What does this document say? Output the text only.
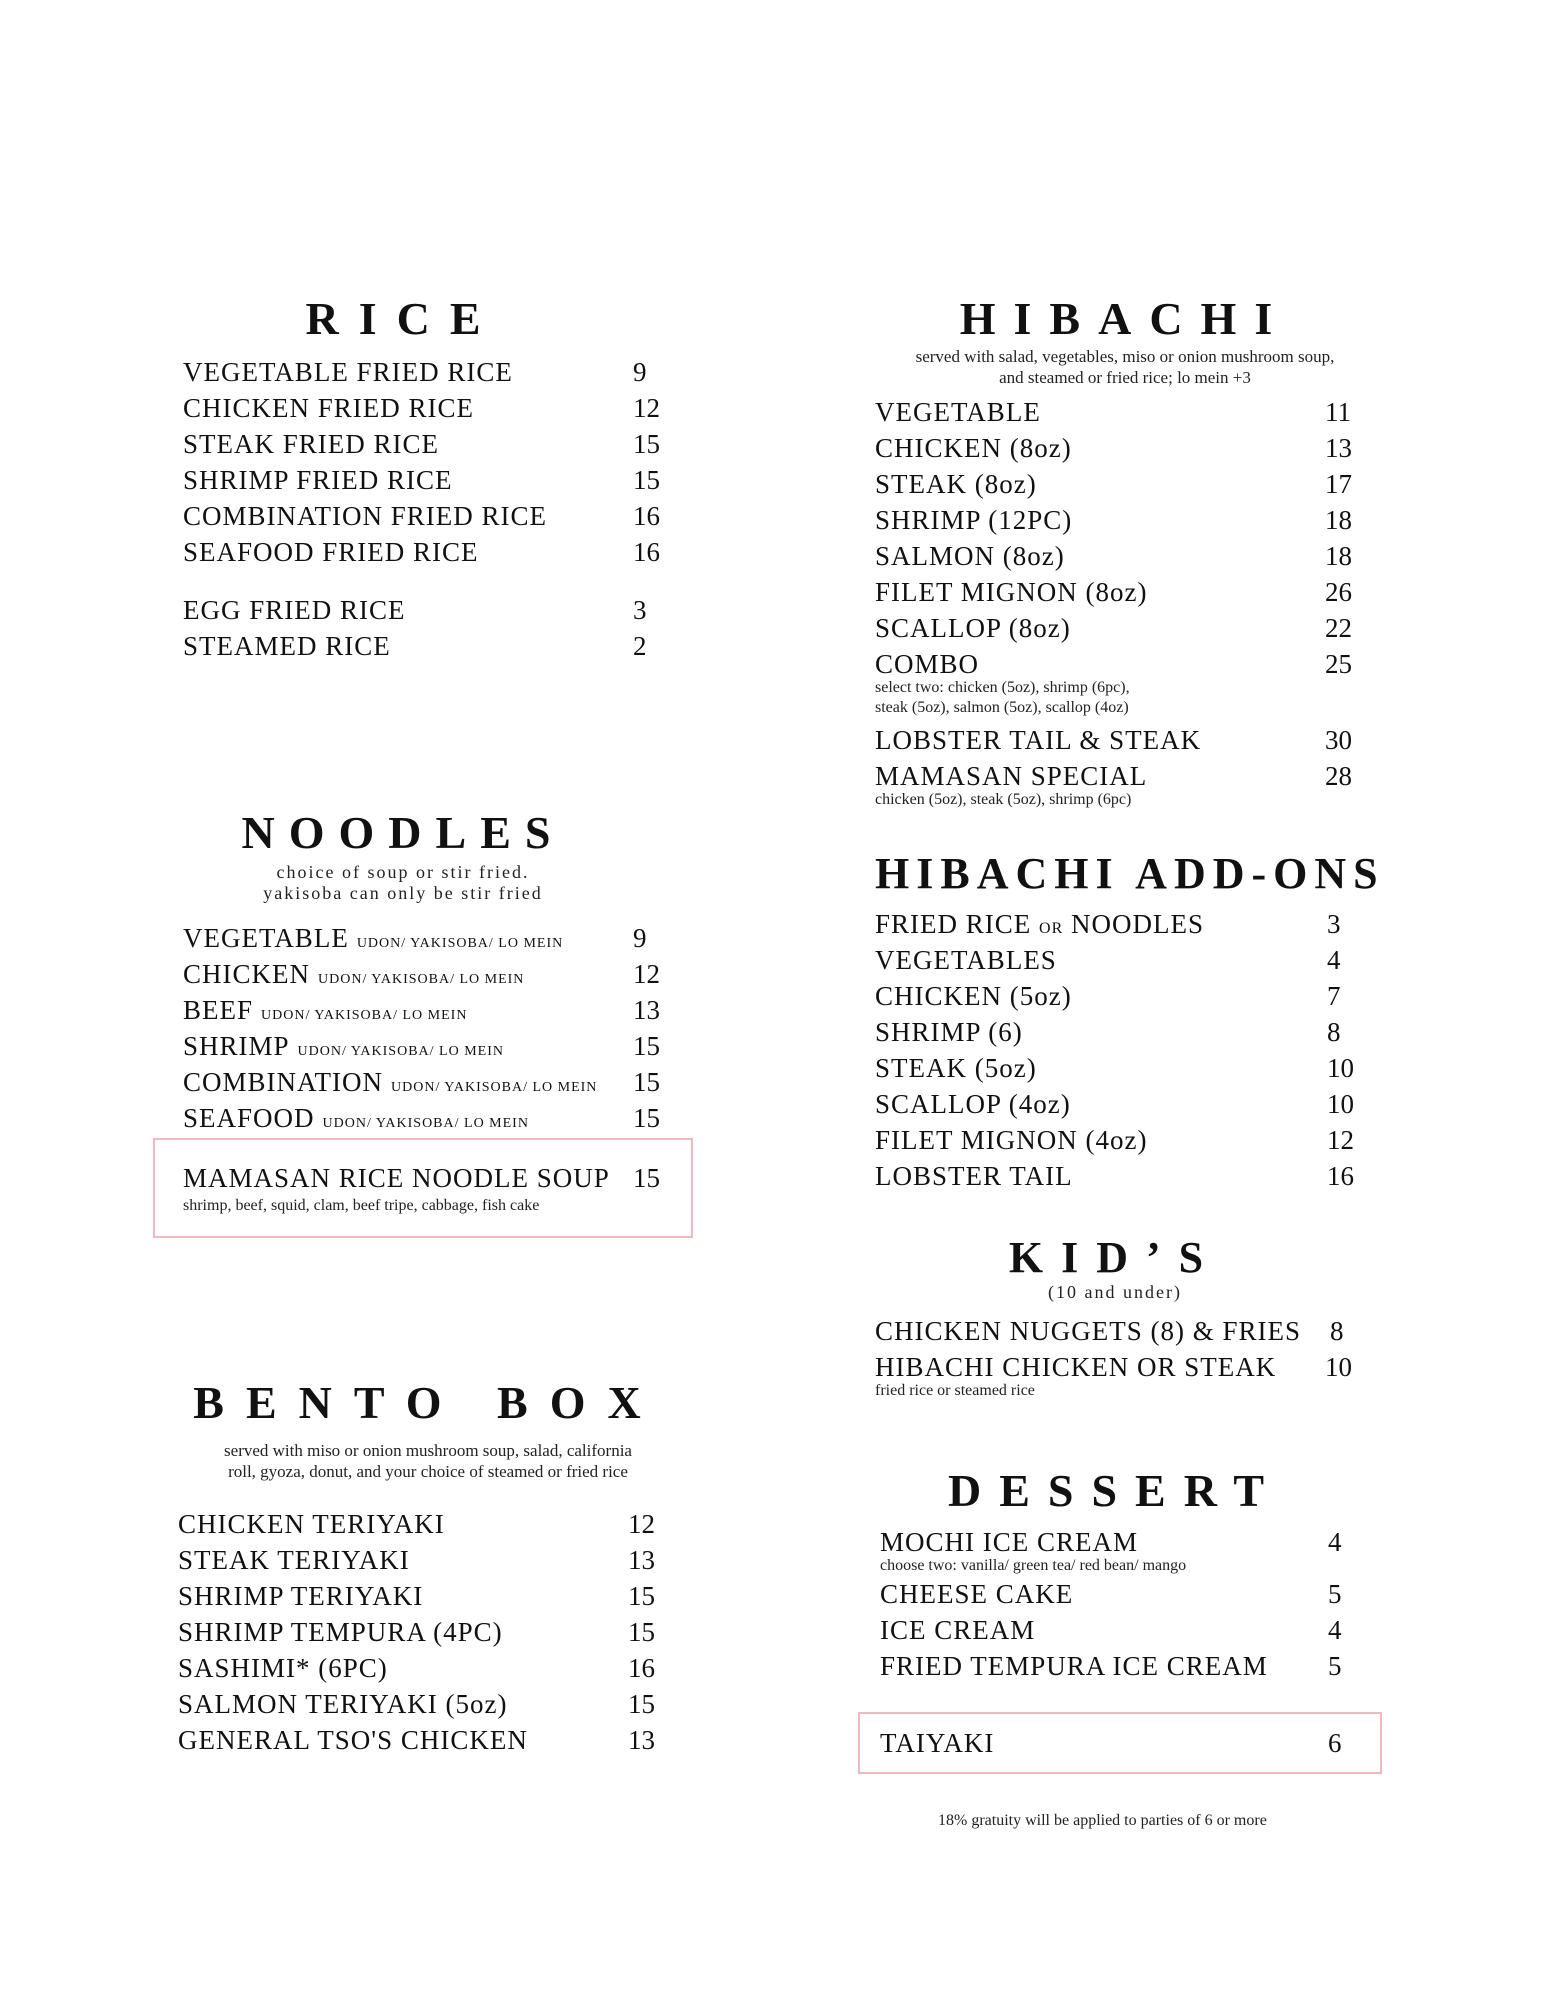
RICE
VEGETABLE FRIED RICE	9
CHICKEN FRIED RICE	12
STEAK FRIED RICE	15
SHRIMP FRIED RICE	15
COMBINATION FRIED RICE	16
SEAFOOD FRIED RICE	16
EGG FRIED RICE	3
STEAMED RICE	2
NOODLES
choice of soup or stir fried.
yakisoba can only be stir fried
VEGETABLE UDON/ YAKISOBA/ LO MEIN	9
CHICKEN UDON/ YAKISOBA/ LO MEIN	12
BEEF UDON/ YAKISOBA/ LO MEIN	13
SHRIMP UDON/ YAKISOBA/ LO MEIN	15
COMBINATION UDON/ YAKISOBA/ LO MEIN 15
SEAFOOD UDON/ YAKISOBA/ LO MEIN	15
MAMASAN RICE NOODLE SOUP 15
shrimp, beef, squid, clam, beef tripe, cabbage, fish cake
BENTO BOX
served with miso or onion mushroom soup, salad, california
roll, gyoza, donut, and your choice of steamed or fried rice
CHICKEN TERIYAKI	12
STEAK TERIYAKI	13
SHRIMP TERIYAKI	15
SHRIMP TEMPURA (4PC)	15
SASHIMI* (6PC)	16
SALMON TERIYAKI (5oz)	15
GENERAL TSO'S CHICKEN	13
HIBACHI
served with salad, vegetables, miso or onion mushroom soup,
and steamed or fried rice; lo mein +3
VEGETABLE	11
CHICKEN (8oz)	13
STEAK (8oz)	17
SHRIMP (12PC)	18
SALMON (8oz)	18
FILET MIGNON (8oz)	26
SCALLOP (8oz)	22
COMBO	25
select two: chicken (5oz), shrimp (6pc),
steak (5oz), salmon (5oz), scallop (4oz)
LOBSTER TAIL & STEAK	30
MAMASAN SPECIAL	28
chicken (5oz), steak (5oz), shrimp (6pc)
HIBACHI ADD-ONS
FRIED RICE OR NOODLES	3
VEGETABLES	4
CHICKEN (5oz)	7
SHRIMP (6)	8
STEAK (5oz)	10
SCALLOP (4oz)	10
FILET MIGNON (4oz)	12
LOBSTER TAIL	16
KID’S
(10 and under)
CHICKEN NUGGETS (8) & FRIES 8
HIBACHI CHICKEN OR STEAK 10
fried rice or steamed rice
DESSERT
MOCHI ICE CREAM	4
choose two: vanilla/ green tea/ red bean/ mango
CHEESE CAKE	5
ICE CREAM	4
FRIED TEMPURA ICE CREAM 5
TAIYAKI	6
18% gratuity will be applied to parties of 6 or more
